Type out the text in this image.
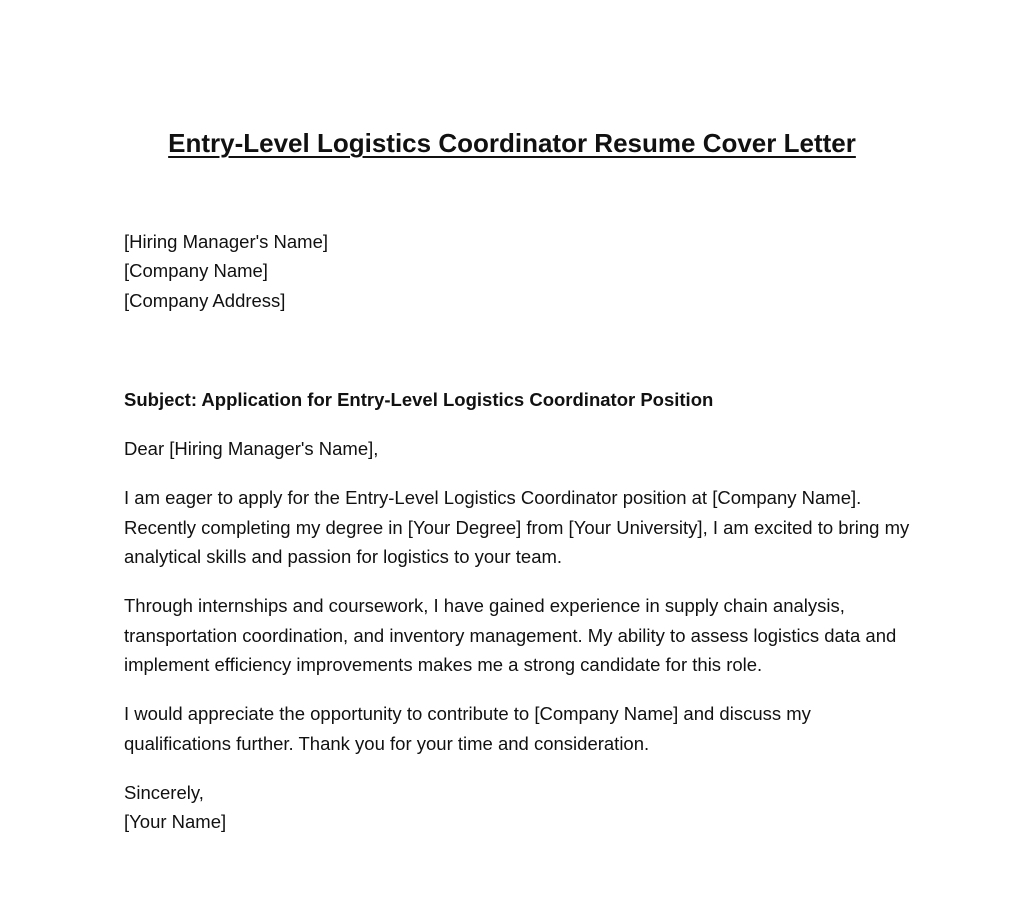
Entry-Level Logistics Coordinator Resume Cover Letter
[Hiring Manager's Name]
[Company Name]
[Company Address]

Subject: Application for Entry-Level Logistics Coordinator Position

Dear [Hiring Manager's Name],

I am eager to apply for the Entry-Level Logistics Coordinator position at [Company Name]. Recently completing my degree in [Your Degree] from [Your University], I am excited to bring my analytical skills and passion for logistics to your team.

Through internships and coursework, I have gained experience in supply chain analysis, transportation coordination, and inventory management. My ability to assess logistics data and implement efficiency improvements makes me a strong candidate for this role.

I would appreciate the opportunity to contribute to [Company Name] and discuss my qualifications further. Thank you for your time and consideration.

Sincerely,
[Your Name]
